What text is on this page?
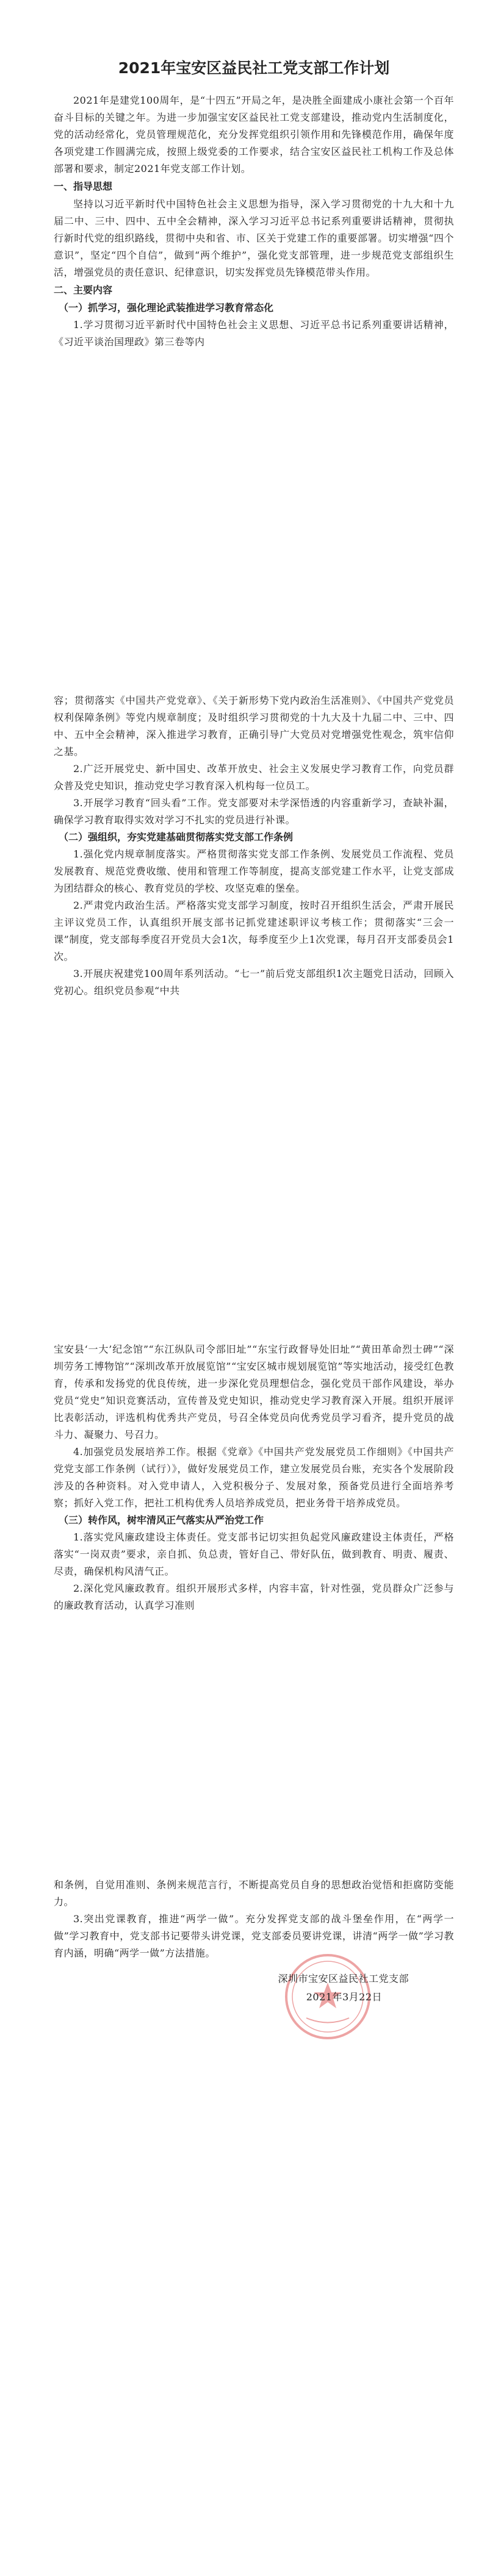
2021年宝安区益民社工党支部工作计划

2021年是建党100周年，是“十四五”开局之年，是决胜全面建成小康社会第一个百年奋斗目标的关键之年。为进一步加强宝安区益民社工党支部建设，推动党内生活制度化，党的活动经常化，党员管理规范化，充分发挥党组织引领作用和先锋模范作用，确保年度各项党建工作圆满完成，按照上级党委的工作要求，结合宝安区益民社工机构工作及总体部署和要求，制定2021年党支部工作计划。

一、指导思想

坚持以习近平新时代中国特色社会主义思想为指导，深入学习贯彻党的十九大和十九届二中、三中、四中、五中全会精神，深入学习习近平总书记系列重要讲话精神，贯彻执行新时代党的组织路线，贯彻中央和省、市、区关于党建工作的重要部署。切实增强“四个意识”，坚定“四个自信”，做到“两个维护”，强化党支部管理，进一步规范党支部组织生活，增强党员的责任意识、纪律意识，切实发挥党员先锋模范带头作用。

二、主要内容

（一）抓学习，强化理论武装推进学习教育常态化

1.学习贯彻习近平新时代中国特色社会主义思想、习近平总书记系列重要讲话精神，《习近平谈治国理政》第三卷等内

容；贯彻落实《中国共产党党章》、《关于新形势下党内政治生活准则》、《中国共产党党员权利保障条例》等党内规章制度；及时组织学习贯彻党的十九大及十九届二中、三中、四中、五中全会精神，深入推进学习教育，正确引导广大党员对党增强党性观念，筑牢信仰之基。

2.广泛开展党史、新中国史、改革开放史、社会主义发展史学习教育工作，向党员群众普及党史知识，推动党史学习教育深入机构每一位员工。

3.开展学习教育“回头看”工作。党支部要对未学深悟透的内容重新学习，查缺补漏，确保学习教育取得实效对学习不扎实的党员进行补课。

（二）强组织，夯实党建基础贯彻落实党支部工作条例

1.强化党内规章制度落实。严格贯彻落实党支部工作条例、发展党员工作流程、党员发展教育、规范党费收缴、使用和管理工作等制度，提高支部党建工作水平，让党支部成为团结群众的核心、教育党员的学校、攻坚克难的堡垒。

2.严肃党内政治生活。严格落实党支部学习制度，按时召开组织生活会，严肃开展民主评议党员工作，认真组织开展支部书记抓党建述职评议考核工作；贯彻落实“三会一课”制度，党支部每季度召开党员大会1次，每季度至少上1次党课，每月召开支部委员会1次。

3.开展庆祝建党100周年系列活动。“七一”前后党支部组织1次主题党日活动，回顾入党初心。组织党员参观“中共

宝安县‘一大’纪念馆”“东江纵队司令部旧址”“东宝行政督导处旧址”“黄田革命烈士碑”“深圳劳务工博物馆”“深圳改革开放展览馆”“宝安区城市规划展览馆”等实地活动，接受红色教育，传承和发扬党的优良传统，进一步深化党员理想信念，强化党员干部作风建设，举办党员“党史”知识竞赛活动，宣传普及党史知识，推动党史学习教育深入开展。组织开展评比表彰活动，评选机构优秀共产党员，号召全体党员向优秀党员学习看齐，提升党员的战斗力、凝聚力、号召力。

4.加强党员发展培养工作。根据《党章》《中国共产党发展党员工作细则》《中国共产党党支部工作条例（试行）》，做好发展党员工作，建立发展党员台账，充实各个发展阶段涉及的各种资料。对入党申请人，入党积极分子、发展对象，预备党员进行全面培养考察；抓好入党工作，把社工机构优秀人员培养成党员，把业务骨干培养成党员。

（三）转作风，树牢清风正气落实从严治党工作

1.落实党风廉政建设主体责任。党支部书记切实担负起党风廉政建设主体责任，严格落实“一岗双责”要求，亲自抓、负总责，管好自己、带好队伍，做到教育、明责、履责、尽责，确保机构风清气正。

2.深化党风廉政教育。组织开展形式多样，内容丰富，针对性强，党员群众广泛参与的廉政教育活动，认真学习准则

和条例，自觉用准则、条例来规范言行，不断提高党员自身的思想政治觉悟和拒腐防变能力。

3.突出党课教育，推进“两学一做”。充分发挥党支部的战斗堡垒作用，在“两学一做”学习教育中，党支部书记要带头讲党课，党支部委员要讲党课，讲清“两学一做”学习教育内涵，明确“两学一做”方法措施。

深圳市宝安区益民社工党支部
2021年3月22日
